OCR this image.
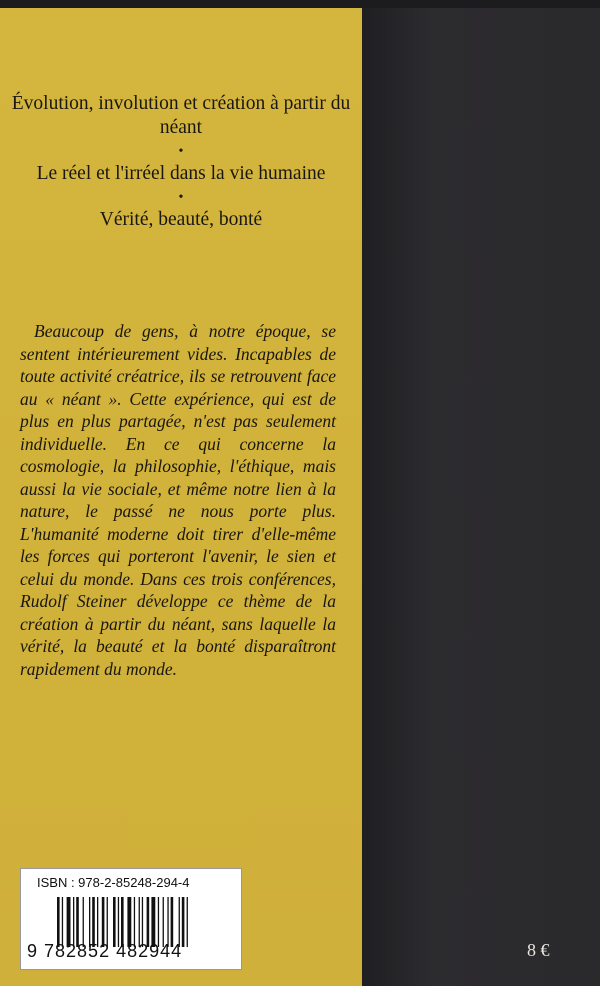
Évolution, involution et création à partir du néant

•

Le réel et l'irréel dans la vie humaine

•

Vérité, beauté, bonté

Beaucoup de gens, à notre époque, se sentent intérieurement vides. Incapables de toute activité créatrice, ils se retrouvent face au « néant ». Cette expérience, qui est de plus en plus partagée, n'est pas seulement individuelle. En ce qui concerne la cosmologie, la philosophie, l'éthique, mais aussi la vie sociale, et même notre lien à la nature, le passé ne nous porte plus. L'humanité moderne doit tirer d'elle-même les forces qui porteront l'avenir, le sien et celui du monde. Dans ces trois conférences, Rudolf Steiner développe ce thème de la création à partir du néant, sans laquelle la vérité, la beauté et la bonté disparaîtront rapidement du monde.

ISBN : 978-2-85248-294-4
9 782852 482944	8 €
